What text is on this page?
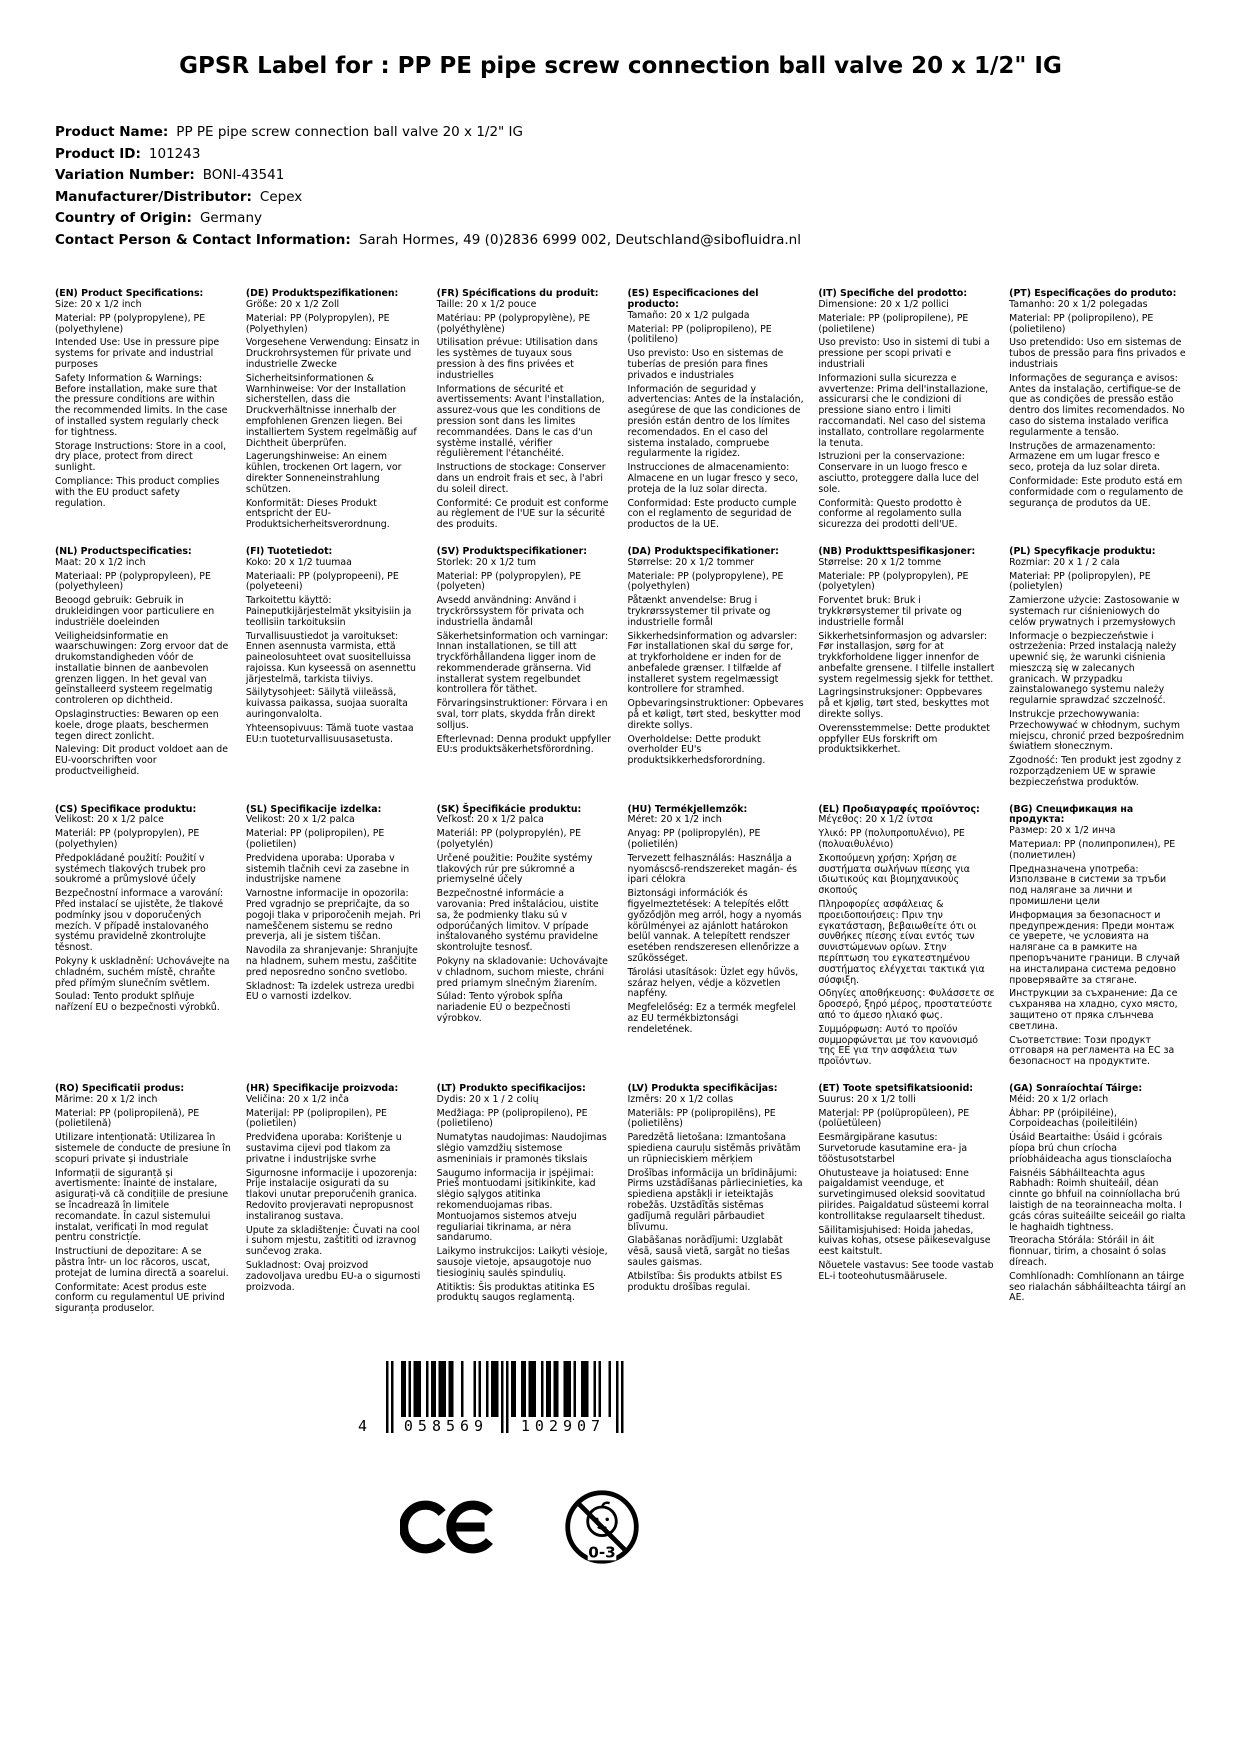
GPSR Label for : PP PE pipe screw connection ball valve 20 x 1/2" IG
Product Name: PP PE pipe screw connection ball valve 20 x 1/2" IG
Product ID: 101243
Variation Number: BONI-43541
Manufacturer/Distributor: Cepex
Country of Origin: Germany
Contact Person & Contact Information: Sarah Hormes, 49 (0)2836 6999 002, Deutschland@sibofluidra.nl
(EN) Product Specifications:

Size: 20 x 1/2 inch

Material: PP (polypropylene), PE (polyethylene)

Intended Use: Use in pressure pipe systems for private and industrial purposes

Safety Information & Warnings: Before installation, make sure that the pressure conditions are within the recommended limits. In the case of installed system regularly check for tightness.

Storage Instructions: Store in a cool, dry place, protect from direct sunlight.

Compliance: This product complies with the EU product safety regulation.

(DE) Produktspezifikationen:

Größe: 20 x 1/2 Zoll

Material: PP (Polypropylen), PE (Polyethylen)

Vorgesehene Verwendung: Einsatz in Druckrohrsystemen für private und industrielle Zwecke

Sicherheitsinformationen & Warnhinweise: Vor der Installation sicherstellen, dass die Druckverhältnisse innerhalb der empfohlenen Grenzen liegen. Bei installiertem System regelmäßig auf Dichtheit überprüfen.

Lagerungshinweise: An einem kühlen, trockenen Ort lagern, vor direkter Sonneneinstrahlung schützen.

Konformität: Dieses Produkt entspricht der EU-Produktsicherheitsverordnung.

(FR) Spécifications du produit:

Taille: 20 x 1/2 pouce

Matériau: PP (polypropylène), PE (polyéthylène)

Utilisation prévue: Utilisation dans les systèmes de tuyaux sous pression à des fins privées et industrielles

Informations de sécurité et avertissements: Avant l'installation, assurez-vous que les conditions de pression sont dans les limites recommandées. Dans le cas d'un système installé, vérifier régulièrement l'étanchéité.

Instructions de stockage: Conserver dans un endroit frais et sec, à l'abri du soleil direct.

Conformité: Ce produit est conforme au règlement de l'UE sur la sécurité des produits.

(ES) Especificaciones del producto:

Tamaño: 20 x 1/2 pulgada

Material: PP (polipropileno), PE (politileno)

Uso previsto: Uso en sistemas de tuberías de presión para fines privados e industriales

Información de seguridad y advertencias: Antes de la instalación, asegúrese de que las condiciones de presión están dentro de los límites recomendados. En el caso del sistema instalado, compruebe regularmente la rigidez.

Instrucciones de almacenamiento: Almacene en un lugar fresco y seco, proteja de la luz solar directa.

Conformidad: Este producto cumple con el reglamento de seguridad de productos de la UE.

(IT) Specifiche del prodotto:

Dimensione: 20 x 1/2 pollici

Materiale: PP (polipropilene), PE (polietilene)

Uso previsto: Uso in sistemi di tubi a pressione per scopi privati e industriali

Informazioni sulla sicurezza e avvertenze: Prima dell'installazione, assicurarsi che le condizioni di pressione siano entro i limiti raccomandati. Nel caso del sistema installato, controllare regolarmente la tenuta.

Istruzioni per la conservazione: Conservare in un luogo fresco e asciutto, proteggere dalla luce del sole.

Conformità: Questo prodotto è conforme al regolamento sulla sicurezza dei prodotti dell'UE.

(PT) Especificações do produto:

Tamanho: 20 x 1/2 polegadas

Material: PP (polipropileno), PE (polietileno)

Uso pretendido: Uso em sistemas de tubos de pressão para fins privados e industriais

Informações de segurança e avisos: Antes da instalação, certifique-se de que as condições de pressão estão dentro dos limites recomendados. No caso do sistema instalado verifica regularmente a tensão.

Instruções de armazenamento: Armazene em um lugar fresco e seco, proteja da luz solar direta.

Conformidade: Este produto está em conformidade com o regulamento de segurança de produtos da UE.

(NL) Productspecificaties:

Maat: 20 x 1/2 inch

Materiaal: PP (polypropyleen), PE (polyethyleen)

Beoogd gebruik: Gebruik in drukleidingen voor particuliere en industriële doeleinden

Veiligheidsinformatie en waarschuwingen: Zorg ervoor dat de drukomstandigheden vóór de installatie binnen de aanbevolen grenzen liggen. In het geval van geïnstalleerd systeem regelmatig controleren op dichtheid.

Opslaginstructies: Bewaren op een koele, droge plaats, beschermen tegen direct zonlicht.

Naleving: Dit product voldoet aan de EU-voorschriften voor productveiligheid.

(FI) Tuotetiedot:

Koko: 20 x 1/2 tuumaa

Materiaali: PP (polypropeeni), PE (polyeteeni)

Tarkoitettu käyttö: Paineputkijärjestelmät yksityisiin ja teollisiin tarkoituksiin

Turvallisuustiedot ja varoitukset: Ennen asennusta varmista, että paineolosuhteet ovat suositelluissa rajoissa. Kun kyseessä on asennettu järjestelmä, tarkista tiiviys.

Säilytysohjeet: Säilytä viileässä, kuivassa paikassa, suojaa suoralta auringonvalolta.

Yhteensopivuus: Tämä tuote vastaa EU:n tuoteturvallisuusasetusta.

(SV) Produktspecifikationer:

Storlek: 20 x 1/2 tum

Material: PP (polypropylen), PE (polyeten)

Avsedd användning: Använd i tryckrörssystem för privata och industriella ändamål

Säkerhetsinformation och varningar: Innan installationen, se till att tryckförhållandena ligger inom de rekommenderade gränserna. Vid installerat system regelbundet kontrollera för täthet.

Förvaringsinstruktioner: Förvara i en sval, torr plats, skydda från direkt solljus.

Efterlevnad: Denna produkt uppfyller EU:s produktsäkerhetsförordning.

(DA) Produktspecifikationer:

Størrelse: 20 x 1/2 tommer

Materiale: PP (polypropylene), PE (polyethylen)

Påtænkt anvendelse: Brug i trykrørssystemer til private og industrielle formål

Sikkerhedsinformation og advarsler: Før installationen skal du sørge for, at trykforholdene er inden for de anbefalede grænser. I tilfælde af installeret system regelmæssigt kontrollere for stramhed.

Opbevaringsinstruktioner: Opbevares på et køligt, tørt sted, beskytter mod direkte sollys.

Overholdelse: Dette produkt overholder EU's produktsikkerhedsforordning.

(NB) Produkttspesifikasjoner:

Størrelse: 20 x 1/2 tomme

Materiale: PP (polypropylen), PE (polyetylen)

Forventet bruk: Bruk i trykkrørsystemer til private og industrielle formål

Sikkerhetsinformasjon og advarsler: Før installasjon, sørg for at trykkforholdene ligger innenfor de anbefalte grensene. I tilfelle installert system regelmessig sjekk for tetthet.

Lagringsinstruksjoner: Oppbevares på et kjølig, tørt sted, beskyttes mot direkte sollys.

Overensstemmelse: Dette produktet oppfyller EUs forskrift om produktsikkerhet.

(PL) Specyfikacje produktu:

Rozmiar: 20 x 1 / 2 cala

Materiał: PP (polipropylen), PE (polietylen)

Zamierzone użycie: Zastosowanie w systemach rur ciśnieniowych do celów prywatnych i przemysłowych

Informacje o bezpieczeństwie i ostrzeżenia: Przed instalacją należy upewnić się, że warunki ciśnienia mieszczą się w zalecanych granicach. W przypadku zainstalowanego systemu należy regularnie sprawdzać szczelność.

Instrukcje przechowywania: Przechowywać w chłodnym, suchym miejscu, chronić przed bezpośrednim światłem słonecznym.

Zgodność: Ten produkt jest zgodny z rozporządzeniem UE w sprawie bezpieczeństwa produktów.

(CS) Specifikace produktu:

Velikost: 20 x 1/2 palce

Materiál: PP (polypropylen), PE (polyethylen)

Předpokládané použití: Použití v systémech tlakových trubek pro soukromé a průmyslové účely

Bezpečnostní informace a varování: Před instalací se ujistěte, že tlakové podmínky jsou v doporučených mezích. V případě instalovaného systému pravidelně zkontrolujte těsnost.

Pokyny k uskladnění: Uchovávejte na chladném, suchém místě, chraňte před přímým slunečním světlem.

Soulad: Tento produkt splňuje nařízení EU o bezpečnosti výrobků.

(SL) Specifikacije izdelka:

Velikost: 20 x 1/2 palca

Material: PP (polipropilen), PE (polietilen)

Predvidena uporaba: Uporaba v sistemih tlačnih cevi za zasebne in industrijske namene

Varnostne informacije in opozorila: Pred vgradnjo se prepričajte, da so pogoji tlaka v priporočenih mejah. Pri nameščenem sistemu se redno preverja, ali je sistem tiščan.

Navodila za shranjevanje: Shranjujte na hladnem, suhem mestu, zaščitite pred neposredno sončno svetlobo.

Skladnost: Ta izdelek ustreza uredbi EU o varnosti izdelkov.

(SK) Špecifikácie produktu:

Veľkosť: 20 x 1/2 palca

Materiál: PP (polypropylén), PE (polyetylén)

Určené použitie: Použite systémy tlakových rúr pre súkromné a priemyselné účely

Bezpečnostné informácie a varovania: Pred inštaláciou, uistite sa, že podmienky tlaku sú v odporúčaných limitov. V prípade inštalovaného systému pravidelne skontrolujte tesnosť.

Pokyny na skladovanie: Uchovávajte v chladnom, suchom mieste, chráni pred priamym slnečným žiarením.

Súlad: Tento výrobok spĺňa nariadenie EÚ o bezpečnosti výrobkov.

(HU) Termékjellemzők:

Méret: 20 x 1/2 inch

Anyag: PP (polipropylén), PE (polietilén)

Tervezett felhasználás: Használja a nyomáscső-rendszereket magán- és ipari célokra

Biztonsági információk és figyelmeztetések: A telepítés előtt győződjön meg arról, hogy a nyomás körülményei az ajánlott határokon belül vannak. A telepített rendszer esetében rendszeresen ellenőrizze a szűkösséget.

Tárolási utasítások: Üzlet egy hűvös, száraz helyen, védje a közvetlen napfény.

Megfelelőség: Ez a termék megfelel az EU termékbiztonsági rendeletének.

(EL) Προδιαγραφές προϊόντος:

Μέγεθος: 20 x 1/2 ίντσα

Υλικό: PP (πολυπροπυλένιο), PE (πολυαιθυλένιο)

Σκοπούμενη χρήση: Χρήση σε συστήματα σωλήνων πίεσης για ιδιωτικούς και βιομηχανικούς σκοπούς

Πληροφορίες ασφάλειας & προειδοποιήσεις: Πριν την εγκατάσταση, βεβαιωθείτε ότι οι συνθήκες πίεσης είναι εντός των συνιστώμενων ορίων. Στην περίπτωση του εγκατεστημένου συστήματος ελέγχεται τακτικά για σύσφιξη.

Οδηγίες αποθήκευσης: Φυλάσσετε σε δροσερό, ξηρό μέρος, προστατεύστε από το άμεσο ηλιακό φως.

Συμμόρφωση: Αυτό το προϊόν συμμορφώνεται με τον κανονισμό της ΕΕ για την ασφάλεια των προϊόντων.

(BG) Спецификация на продукта:

Размер: 20 x 1/2 инча

Материал: PP (полипропилен), PE (полиетилен)

Предназначена употреба: Използване в системи за тръби под налягане за лични и промишлени цели

Информация за безопасност и предупреждения: Преди монтаж се уверете, че условията на налягане са в рамките на препоръчаните граници. В случай на инсталирана система редовно проверявайте за стягане.

Инструкции за съхранение: Да се съхранява на хладно, сухо място, защитено от пряка слънчева светлина.

Съответствие: Този продукт отговаря на регламента на ЕС за безопасност на продуктите.

(RO) Specificatii produs:

Mărime: 20 x 1/2 inch

Material: PP (polipropilenă), PE (polietilenă)

Utilizare intenționată: Utilizarea în sistemele de conducte de presiune în scopuri private și industriale

Informații de siguranță și avertismente: Înainte de instalare, asigurați-vă că condițiile de presiune se încadrează în limitele recomandate. În cazul sistemului instalat, verificați în mod regulat pentru constricție.

Instructiuni de depozitare: A se păstra într- un loc răcoros, uscat, protejat de lumina directă a soarelui.

Conformitate: Acest produs este conform cu regulamentul UE privind siguranța produselor.

(HR) Specifikacije proizvoda:

Veličina: 20 x 1/2 inča

Materijal: PP (polipropilen), PE (polietilen)

Predviđena uporaba: Korištenje u sustavima cijevi pod tlakom za privatne i industrijske svrhe

Sigurnosne informacije i upozorenja: Prije instalacije osigurati da su tlakovi unutar preporučenih granica. Redovito provjeravati nepropusnost instaliranog sustava.

Upute za skladištenje: Čuvati na cool i suhom mjestu, zaštititi od izravnog sunčevog zraka.

Sukladnost: Ovaj proizvod zadovoljava uredbu EU-a o sigurnosti proizvoda.

(LT) Produkto specifikacijos:

Dydis: 20 x 1 / 2 colių

Medžiaga: PP (polipropileno), PE (polietileno)

Numatytas naudojimas: Naudojimas slėgio vamzdžių sistemose asmeniniais ir pramonės tikslais

Saugumo informacija ir įspėjimai: Prieš montuodami įsitikinkite, kad slėgio sąlygos atitinka rekomenduojamas ribas. Montuojamos sistemos atveju reguliariai tikrinama, ar nėra sandarumo.

Laikymo instrukcijos: Laikyti vėsioje, sausoje vietoje, apsaugotoje nuo tiesioginių saulės spindulių.

Atitiktis: Šis produktas atitinka ES produktų saugos reglamentą.

(LV) Produkta specifikācijas:

Izmērs: 20 x 1/2 collas

Materiāls: PP (polipropilēns), PE (polietilēns)

Paredzētā lietošana: Izmantošana spiediena cauruļu sistēmās privātām un rūpnieciskiem mērķiem

Drošības informācija un brīdinājumi: Pirms uzstādīšanas pārliecinieties, ka spiediena apstākļi ir ieteiktajās robežās. Uzstādītās sistēmas gadījumā regulāri pārbaudiet blīvumu.

Glabāšanas norādījumi: Uzglabāt vēsā, sausā vietā, sargāt no tiešas saules gaismas.

Atbilstība: Šis produkts atbilst ES produktu drošības regulai.

(ET) Toote spetsifikatsioonid:

Suurus: 20 x 1/2 tolli

Materjal: PP (polüpropüleen), PE (polüetüleen)

Eesmärgipärane kasutus: Survetorude kasutamine era- ja tööstusotstarbel

Ohutusteave ja hoiatused: Enne paigaldamist veenduge, et survetingimused oleksid soovitatud piirides. Paigaldatud süsteemi korral kontrollitakse regulaarselt tihedust.

Säilitamisjuhised: Hoida jahedas, kuivas kohas, otsese päikesevalguse eest kaitstult.

Nõuetele vastavus: See toode vastab EL-i tooteohutusmäärusele.

(GA) Sonraíochtaí Táirge:

Méid: 20 x 1/2 orlach

Ábhar: PP (próipiléine), Corpoideachas (poileitiléin)

Úsáid Beartaithe: Úsáid i gcórais píopa brú chun críocha príobháideacha agus tionsclaíocha

Faisnéis Sábháilteachta agus Rabhadh: Roimh shuiteáil, déan cinnte go bhfuil na coinníollacha brú laistigh de na teorainneacha molta. I gcás córas suiteáilte seiceáil go rialta le haghaidh tightness.

Treoracha Stórála: Stóráil in áit fionnuar, tirim, a chosaint ó solas díreach.

Comhlíonadh: Comhlíonann an táirge seo rialachán sábháilteachta táirgí an AE.

4	058569	102907
0-3
